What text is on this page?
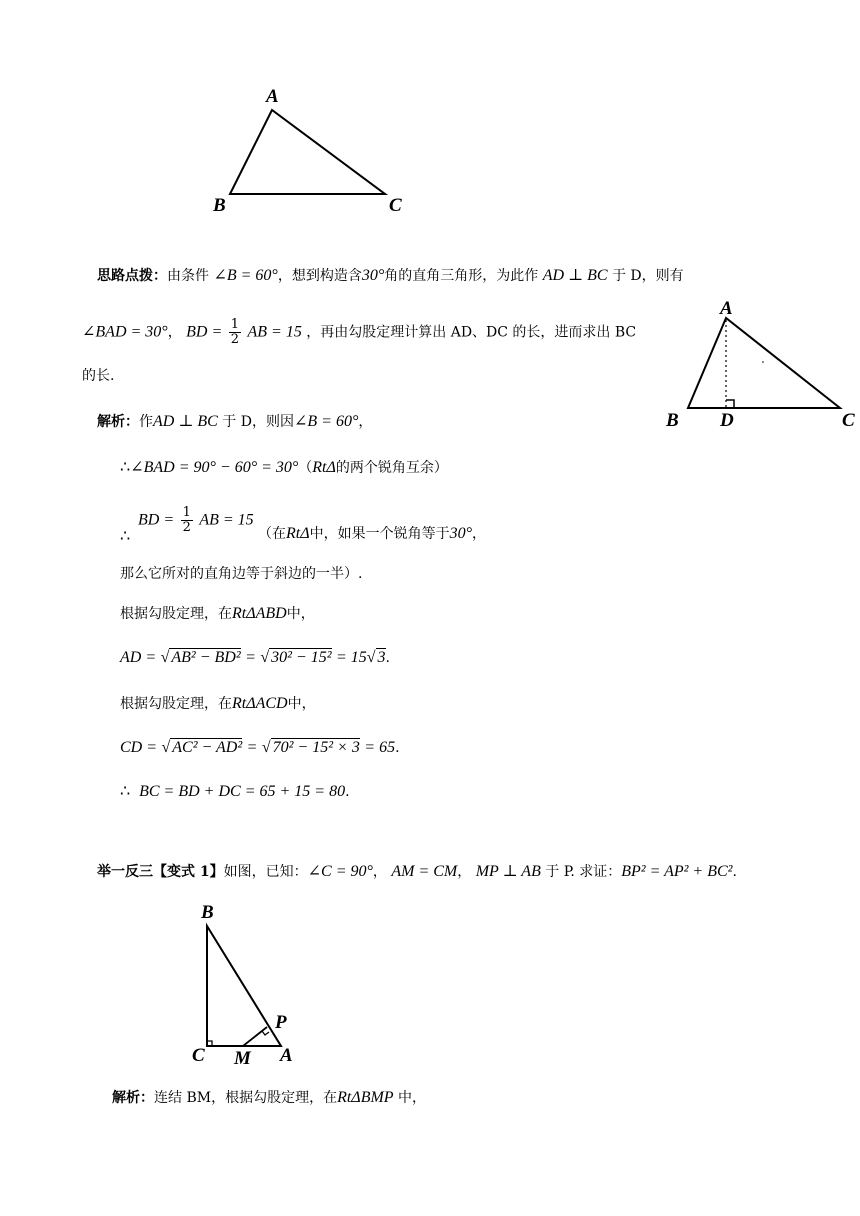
A
B	C
思路点拨：由条件 ∠B = 60°，想到构造含30°角的直角三角形，为此作 AD ⊥ BC 于 D，则有
∠BAD = 30°， BD = $\frac{1}{2}$ AB = 15 ，再由勾股定理计算出 AD、DC 的长，进而求出 BC
的长.
A
B D	C
解析：作AD ⊥ BC 于 D，则因∠B = 60°，
∴∠BAD = 90° − 60° = 30°（RtΔ的两个锐角互余）
BD = $\frac{1}{2}$ AB = 15
∴	（在RtΔ中，如果一个锐角等于30°，
那么它所对的直角边等于斜边的一半）.
根据勾股定理，在RtΔABD中，
AD = √ AB² − BD² = √ 30² − 15² = 15√ 3.
根据勾股定理，在RtΔACD中，
CD = √ AC² − AD² = √ 70² − 15² × 3 = 65.
∴ BC = BD + DC = 65 + 15 = 80.
举一反三【变式 1】如图，已知：∠C = 90°， AM = CM， MP ⊥ AB 于 P. 求证：BP² = AP² + BC².
B
P
C M A
解析：连结 BM，根据勾股定理，在RtΔBMP 中，
